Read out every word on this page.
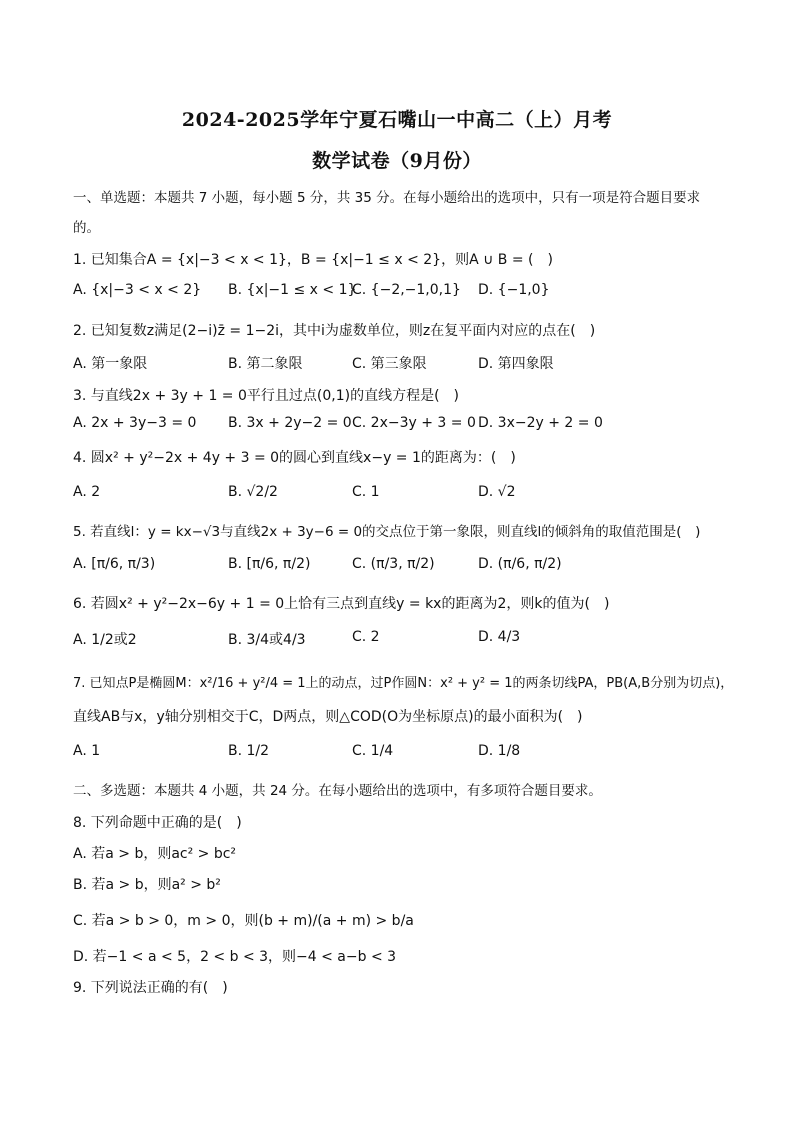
2024-2025学年宁夏石嘴山一中高二（上）月考
数学试卷（9月份）
一、单选题：本题共 7 小题，每小题 5 分，共 35 分。在每小题给出的选项中，只有一项是符合题目要求
的。
1. 已知集合A = {x|−3 < x < 1}，B = {x|−1 ≤ x < 2}，则A ∪ B = (　)
A. {x|−3 < x < 2} B. {x|−1 ≤ x < 1}
C. {−2,−1,0,1} D. {−1,0}
2. 已知复数z满足(2−i)z̄ = 1−2i，其中i为虚数单位，则z在复平面内对应的点在(　)
A. 第一象限	B. 第二象限	C. 第三象限	D. 第四象限
3. 与直线2x + 3y + 1 = 0平行且过点(0,1)的直线方程是(　)
A. 2x + 3y−3 = 0 B. 3x + 2y−2 = 0 C. 2x−3y + 3 = 0 D. 3x−2y + 2 = 0
4. 圆x² + y²−2x + 4y + 3 = 0的圆心到直线x−y = 1的距离为：(　)
A. 2	B. √2/2	C. 1	D. √2
5. 若直线l：y = kx−√3与直线2x + 3y−6 = 0的交点位于第一象限，则直线l的倾斜角的取值范围是(　)
A. [π/6, π/3)	B. [π/6, π/2)	C. (π/3, π/2)	D. (π/6, π/2)
6. 若圆x² + y²−2x−6y + 1 = 0上恰有三点到直线y = kx的距离为2，则k的值为(　)
A. 1/2或2	B. 3/4或4/3	C. 2	D. 4/3
7. 已知点P是椭圆M：x²/16 + y²/4 = 1上的动点，过P作圆N：x² + y² = 1的两条切线PA，PB(A,B分别为切点)，
直线AB与x，y轴分别相交于C，D两点，则△COD(O为坐标原点)的最小面积为(　)
A. 1	B. 1/2	C. 1/4	D. 1/8
二、多选题：本题共 4 小题，共 24 分。在每小题给出的选项中，有多项符合题目要求。
8. 下列命题中正确的是(　)
A. 若a > b，则ac² > bc²
B. 若a > b，则a² > b²
C. 若a > b > 0，m > 0，则(b + m)/(a + m) > b/a
D. 若−1 < a < 5，2 < b < 3，则−4 < a−b < 3
9. 下列说法正确的有(　)
